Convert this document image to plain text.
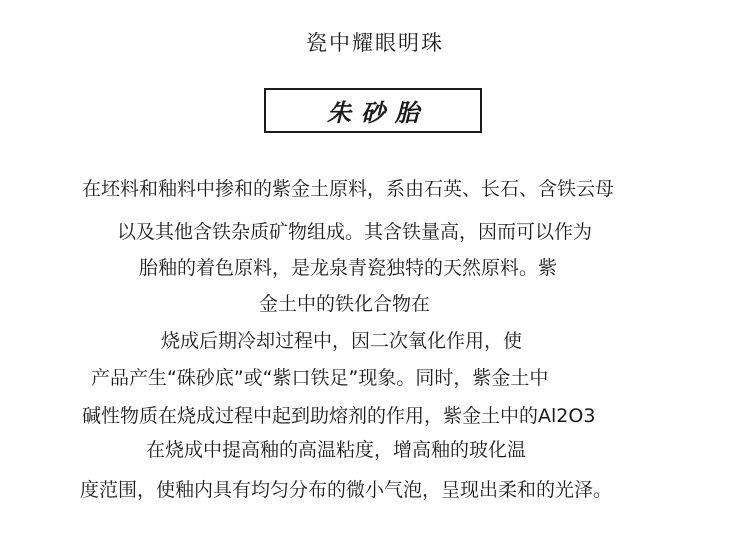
瓷中耀眼明珠
朱砂胎
在坯料和釉料中掺和的紫金土原料，系由石英、长石、含铁云母
以及其他含铁杂质矿物组成。其含铁量高，因而可以作为
胎釉的着色原料，是龙泉青瓷独特的天然原料。紫
金土中的铁化合物在
烧成后期冷却过程中，因二次氧化作用，使
产品产生“硃砂底”或“紫口铁足”现象。同时，紫金土中
碱性物质在烧成过程中起到助熔剂的作用，紫金土中的Al2O3
在烧成中提高釉的高温粘度，增高釉的玻化温
度范围，使釉内具有均匀分布的微小气泡，呈现出柔和的光泽。
